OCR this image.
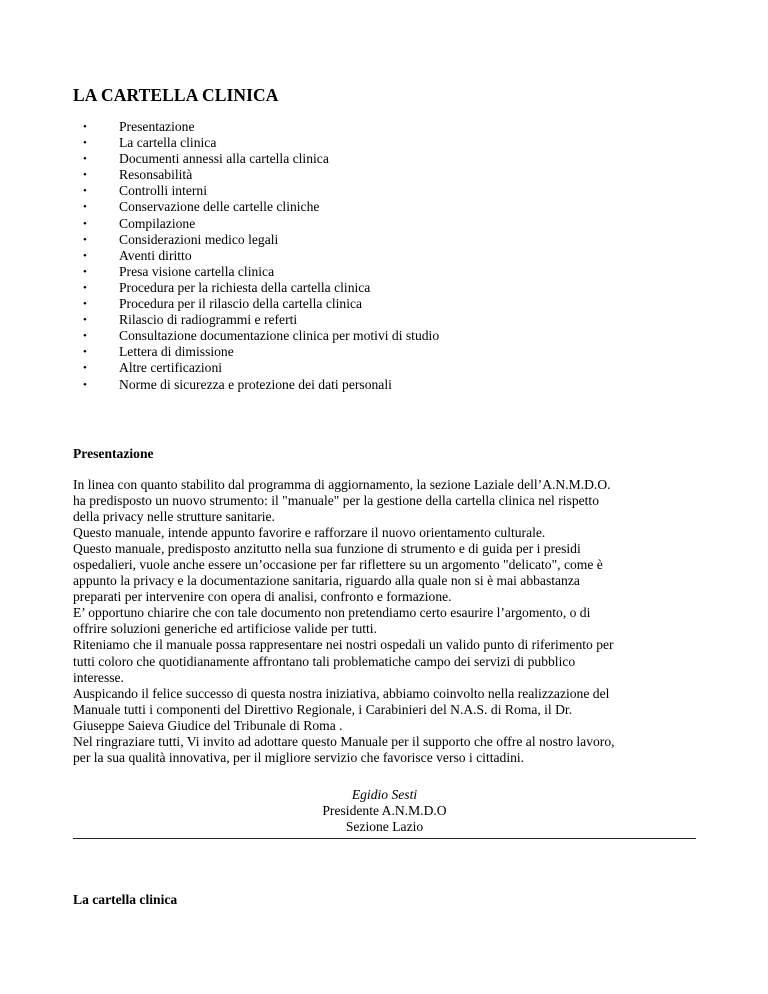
LA CARTELLA CLINICA
• Presentazione
• La cartella clinica
• Documenti annessi alla cartella clinica
• Resonsabilità
• Controlli interni
• Conservazione delle cartelle cliniche
• Compilazione
• Considerazioni medico legali
• Aventi diritto
• Presa visione cartella clinica
• Procedura per la richiesta della cartella clinica
• Procedura per il rilascio della cartella clinica
• Rilascio di radiogrammi e referti
• Consultazione documentazione clinica per motivi di studio
• Lettera di dimissione
• Altre certificazioni
• Norme di sicurezza e protezione dei dati personali
Presentazione

In linea con quanto stabilito dal programma di aggiornamento, la sezione Laziale dell’A.N.M.D.O.

ha predisposto un nuovo strumento: il "manuale" per la gestione della cartella clinica nel rispetto

della privacy nelle strutture sanitarie.

Questo manuale, intende appunto favorire e rafforzare il nuovo orientamento culturale.

Questo manuale, predisposto anzitutto nella sua funzione di strumento e di guida per i presidi

ospedalieri, vuole anche essere un’occasione per far riflettere su un argomento "delicato", come è

appunto la privacy e la documentazione sanitaria, riguardo alla quale non si è mai abbastanza

preparati per intervenire con opera di analisi, confronto e formazione.

E’ opportuno chiarire che con tale documento non pretendiamo certo esaurire l’argomento, o di

offrire soluzioni generiche ed artificiose valide per tutti.

Riteniamo che il manuale possa rappresentare nei nostri ospedali un valido punto di riferimento per

tutti coloro che quotidianamente affrontano tali problematiche campo dei servizi di pubblico

interesse.

Auspicando il felice successo di questa nostra iniziativa, abbiamo coinvolto nella realizzazione del

Manuale tutti i componenti del Direttivo Regionale, i Carabinieri del N.A.S. di Roma, il Dr.

Giuseppe Saieva Giudice del Tribunale di Roma .

Nel ringraziare tutti, Vi invito ad adottare questo Manuale per il supporto che offre al nostro lavoro,

per la sua qualità innovativa, per il migliore servizio che favorisce verso i cittadini.

Egidio Sesti
Presidente A.N.M.D.O
Sezione Lazio
La cartella clinica
